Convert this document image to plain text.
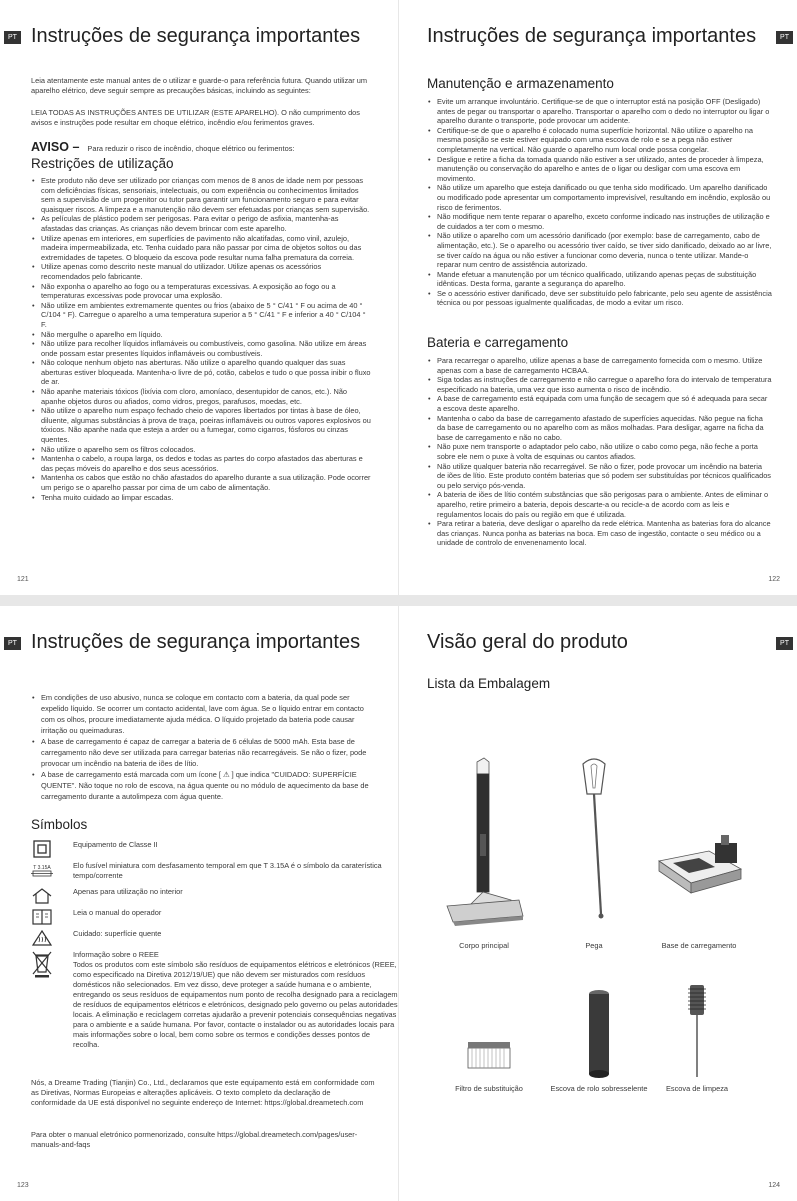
PT Instruções de segurança importantes

Leia atentamente este manual antes de o utilizar e guarde-o para referência futura. Quando utilizar um aparelho elétrico, deve seguir sempre as precauções básicas, incluindo as seguintes:

LEIA TODAS AS INSTRUÇÕES ANTES DE UTILIZAR (ESTE APARELHO). O não cumprimento dos avisos e instruções pode resultar em choque elétrico, incêndio e/ou ferimentos graves.

AVISO – Para reduzir o risco de incêndio, choque elétrico ou ferimentos:
Restrições de utilização
• Este produto não deve ser utilizado por crianças com menos de 8 anos de idade nem por pessoas com deficiências físicas, sensoriais, intelectuais, ou com experiência ou conhecimentos limitados sem a supervisão de um progenitor ou tutor para garantir um funcionamento seguro e para evitar quaisquer riscos. A limpeza e a manutenção não devem ser efetuadas por crianças sem supervisão.
• As películas de plástico podem ser perigosas. Para evitar o perigo de asfixia, mantenha-as afastadas das crianças. As crianças não devem brincar com este aparelho.
• Utilize apenas em interiores, em superfícies de pavimento não alcatifadas, como vinil, azulejo, madeira impermeabilizada, etc. Tenha cuidado para não passar por cima de objetos soltos ou das extremidades de tapetes. O bloqueio da escova pode resultar numa falha prematura da correia.
• Utilize apenas como descrito neste manual do utilizador. Utilize apenas os acessórios recomendados pelo fabricante.
• Não exponha o aparelho ao fogo ou a temperaturas excessivas. A exposição ao fogo ou a temperaturas excessivas pode provocar uma explosão.
• Não utilize em ambientes extremamente quentes ou frios (abaixo de 5 ° C/41 ° F ou acima de 40 ° C/104 ° F). Carregue o aparelho a uma temperatura superior a 5 ° C/41 ° F e inferior a 40 ° C/104 ° F.
• Não mergulhe o aparelho em líquido.
• Não utilize para recolher líquidos inflamáveis ou combustíveis, como gasolina. Não utilize em áreas onde possam estar presentes líquidos inflamáveis ou combustíveis.
• Não coloque nenhum objeto nas aberturas. Não utilize o aparelho quando qualquer das suas aberturas estiver bloqueada. Mantenha-o livre de pó, cotão, cabelos e tudo o que possa inibir o fluxo de ar.
• Não apanhe materiais tóxicos (lixívia com cloro, amoníaco, desentupidor de canos, etc.). Não apanhe objetos duros ou afiados, como vidros, pregos, parafusos, moedas, etc.
• Não utilize o aparelho num espaço fechado cheio de vapores libertados por tintas à base de óleo, diluente, algumas substâncias à prova de traça, poeiras inflamáveis ou outros vapores explosivos ou tóxicos. Não apanhe nada que esteja a arder ou a fumegar, como cigarros, fósforos ou cinzas quentes.
• Não utilize o aparelho sem os filtros colocados.
• Mantenha o cabelo, a roupa larga, os dedos e todas as partes do corpo afastados das aberturas e das peças móveis do aparelho e dos seus acessórios.
• Mantenha os cabos que estão no chão afastados do aparelho durante a sua utilização. Pode ocorrer um perigo se o aparelho passar por cima de um cabo de alimentação.
• Tenha muito cuidado ao limpar escadas.
121
PT
Instruções de segurança importantes
Manutenção e armazenamento
• Evite um arranque involuntário. Certifique-se de que o interruptor está na posição OFF (Desligado) antes de pegar ou transportar o aparelho. Transportar o aparelho com o dedo no interruptor ou ligar o aparelho durante o transporte, pode provocar um acidente.
• Certifique-se de que o aparelho é colocado numa superfície horizontal. Não utilize o aparelho na mesma posição se este estiver equipado com uma escova de rolo e se a pega não estiver completamente na vertical. Não guarde o aparelho num local onde possa congelar.
• Desligue e retire a ficha da tomada quando não estiver a ser utilizado, antes de proceder à limpeza, manutenção ou conservação do aparelho e antes de o ligar ou desligar com uma escova em movimento.
• Não utilize um aparelho que esteja danificado ou que tenha sido modificado. Um aparelho danificado ou modificado pode apresentar um comportamento imprevisível, resultando em incêndio, explosão ou risco de ferimentos.
• Não modifique nem tente reparar o aparelho, exceto conforme indicado nas instruções de utilização e de cuidados a ter com o mesmo.
• Não utilize o aparelho com um acessório danificado (por exemplo: base de carregamento, cabo de alimentação, etc.). Se o aparelho ou acessório tiver caído, se tiver sido danificado, deixado ao ar livre, se tiver caído na água ou não estiver a funcionar como deveria, nunca o tente utilizar. Mande-o reparar num centro de assistência autorizado.
• Mande efetuar a manutenção por um técnico qualificado, utilizando apenas peças de substituição idênticas. Desta forma, garante a segurança do aparelho.
• Se o acessório estiver danificado, deve ser substituído pelo fabricante, pelo seu agente de assistência técnica ou por pessoas igualmente qualificadas, de modo a evitar um risco.
Bateria e carregamento
• Para recarregar o aparelho, utilize apenas a base de carregamento fornecida com o mesmo. Utilize apenas com a base de carregamento HCBAA.
• Siga todas as instruções de carregamento e não carregue o aparelho fora do intervalo de temperatura especificado na bateria, uma vez que isso aumenta o risco de incêndio.
• A base de carregamento está equipada com uma função de secagem que só é adequada para secar a escova deste aparelho.
• Mantenha o cabo da base de carregamento afastado de superfícies aquecidas. Não pegue na ficha da base de carregamento ou no aparelho com as mãos molhadas. Para desligar, agarre na ficha da base de carregamento e não no cabo.
• Não puxe nem transporte o adaptador pelo cabo, não utilize o cabo como pega, não feche a porta sobre ele nem o puxe à volta de esquinas ou cantos afiados.
• Não utilize qualquer bateria não recarregável. Se não o fizer, pode provocar um incêndio na bateria de iões de lítio. Este produto contém baterias que só podem ser substituídas por técnicos qualificados ou pelo serviço pós-venda.
• A bateria de iões de lítio contém substâncias que são perigosas para o ambiente. Antes de eliminar o aparelho, retire primeiro a bateria, depois descarte-a ou recicle-a de acordo com as leis e regulamentos locais do país ou região em que é utilizada.
• Para retirar a bateria, deve desligar o aparelho da rede elétrica. Mantenha as baterias fora do alcance das crianças. Nunca ponha as baterias na boca. Em caso de ingestão, contacte o seu médico ou a unidade de controlo de envenenamento local.
122
PT Instruções de segurança importantes
• Em condições de uso abusivo, nunca se coloque em contacto com a bateria, da qual pode ser expelido líquido. Se ocorrer um contacto acidental, lave com água. Se o líquido entrar em contacto com os olhos, procure imediatamente ajuda médica. O líquido projetado da bateria pode causar irritação ou queimaduras.
• A base de carregamento é capaz de carregar a bateria de 6 células de 5000 mAh. Esta base de carregamento não deve ser utilizada para carregar baterias não recarregáveis. Se não o fizer, pode provocar um incêndio na bateria de iões de lítio.
• A base de carregamento está marcada com um ícone [ ⚠ ] que indica "CUIDADO: SUPERFÍCIE QUENTE". Não toque no rolo de escova, na água quente ou no módulo de aquecimento da base de carregamento durante a autolimpeza com água quente.
Símbolos
Equipamento de Classe II
T 3.15A	Elo fusível miniatura com desfasamento temporal em que T 3.15A é o símbolo da caraterística tempo/corrente
Apenas para utilização no interior
Leia o manual do operador
Cuidado: superfície quente
Informação sobre o REEE
Todos os produtos com este símbolo são resíduos de equipamentos elétricos e eletrónicos (REEE, como especificado na Diretiva 2012/19/UE) que não devem ser misturados com resíduos domésticos não selecionados. Em vez disso, deve proteger a saúde humana e o ambiente, entregando os seus resíduos de equipamentos num ponto de recolha designado para a reciclagem de resíduos de equipamentos elétricos e eletrónicos, designado pelo governo ou pelas autoridades locais. A eliminação e reciclagem corretas ajudarão a prevenir potenciais consequências negativas para o ambiente e a saúde humana. Por favor, contacte o instalador ou as autoridades locais para mais informações sobre o local, bem como sobre os termos e condições desses pontos de recolha.

Nós, a Dreame Trading (Tianjin) Co., Ltd., declaramos que este equipamento está em conformidade com as Diretivas, Normas Europeias e alterações aplicáveis. O texto completo da declaração de conformidade da UE está disponível no seguinte endereço de Internet: https://global.dreametech.com

Para obter o manual eletrónico pormenorizado, consulte https://global.dreametech.com/pages/user-manuals-and-faqs

123
PT
Visão geral do produto
Lista da Embalagem
Corpo principal	Pega	Base de carregamento
Filtro de substituição	Escova de rolo sobresselente	Escova de limpeza
124
